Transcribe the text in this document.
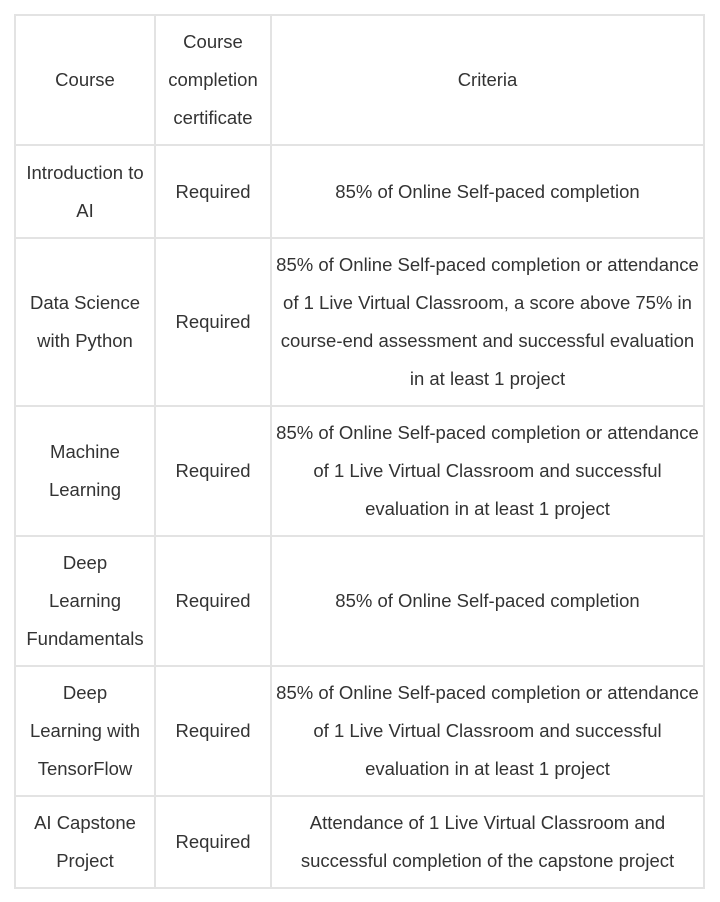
Course	Course completion certificate	Criteria

Introduction to AI	Required	85% of Online Self-paced completion

Data Science with Python	Required	85% of Online Self-paced completion or attendance of 1 Live Virtual Classroom, a score above 75% in course-end assessment and successful evaluation in at least 1 project

Machine Learning	Required	85% of Online Self-paced completion or attendance of 1 Live Virtual Classroom and successful evaluation in at least 1 project

Deep Learning Fundamentals	Required	85% of Online Self-paced completion

Deep Learning with TensorFlow	Required	85% of Online Self-paced completion or attendance of 1 Live Virtual Classroom and successful evaluation in at least 1 project

AI Capstone Project	Required	Attendance of 1 Live Virtual Classroom and successful completion of the capstone project
